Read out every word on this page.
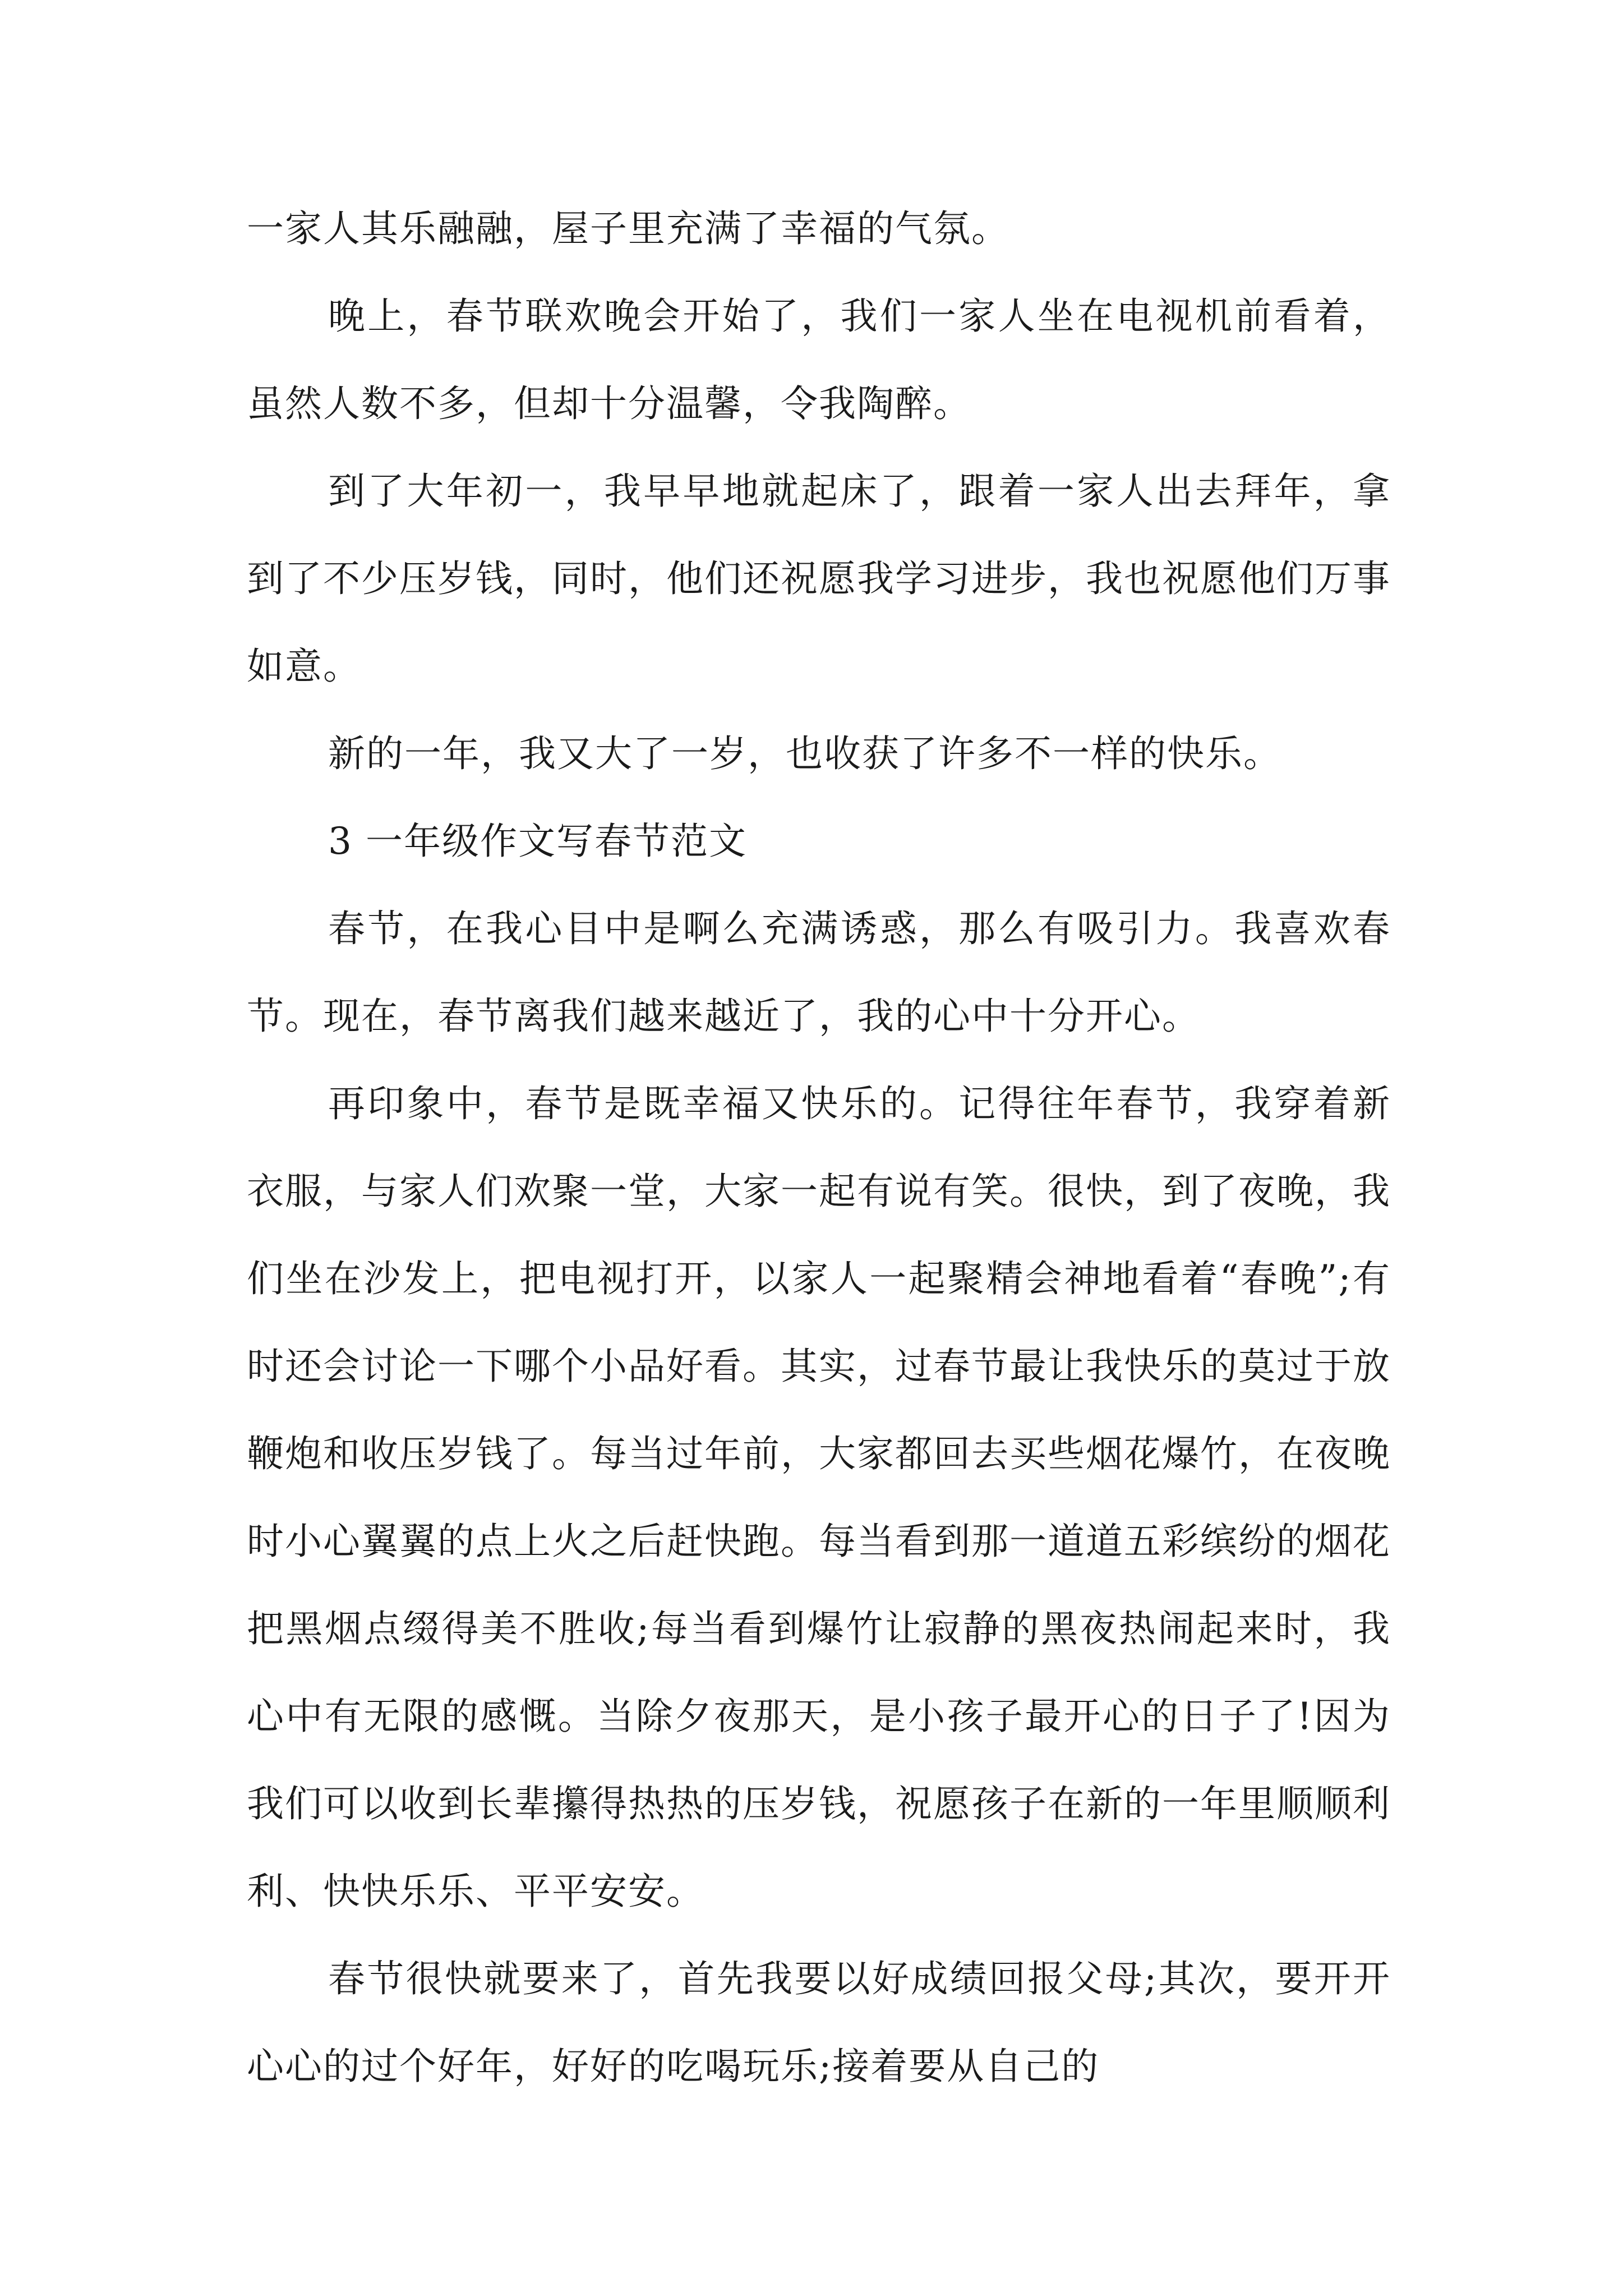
一家人其乐融融，屋子里充满了幸福的气氛。

晚上，春节联欢晚会开始了，我们一家人坐在电视机前看着，虽然人数不多，但却十分温馨，令我陶醉。

到了大年初一，我早早地就起床了，跟着一家人出去拜年，拿到了不少压岁钱，同时，他们还祝愿我学习进步，我也祝愿他们万事如意。

新的一年，我又大了一岁，也收获了许多不一样的快乐。

3 一年级作文写春节范文

春节，在我心目中是啊么充满诱惑，那么有吸引力。我喜欢春节。现在，春节离我们越来越近了，我的心中十分开心。

再印象中，春节是既幸福又快乐的。记得往年春节，我穿着新衣服，与家人们欢聚一堂，大家一起有说有笑。很快，到了夜晚，我们坐在沙发上，把电视打开，以家人一起聚精会神地看着“春晚”;有时还会讨论一下哪个小品好看。其实，过春节最让我快乐的莫过于放鞭炮和收压岁钱了。每当过年前，大家都回去买些烟花爆竹，在夜晚时小心翼翼的点上火之后赶快跑。每当看到那一道道五彩缤纷的烟花把黑烟点缀得美不胜收;每当看到爆竹让寂静的黑夜热闹起来时，我心中有无限的感慨。当除夕夜那天，是小孩子最开心的日子了!因为我们可以收到长辈攥得热热的压岁钱，祝愿孩子在新的一年里顺顺利利、快快乐乐、平平安安。

春节很快就要来了，首先我要以好成绩回报父母;其次，要开开心心的过个好年，好好的吃喝玩乐;接着要从自己的
